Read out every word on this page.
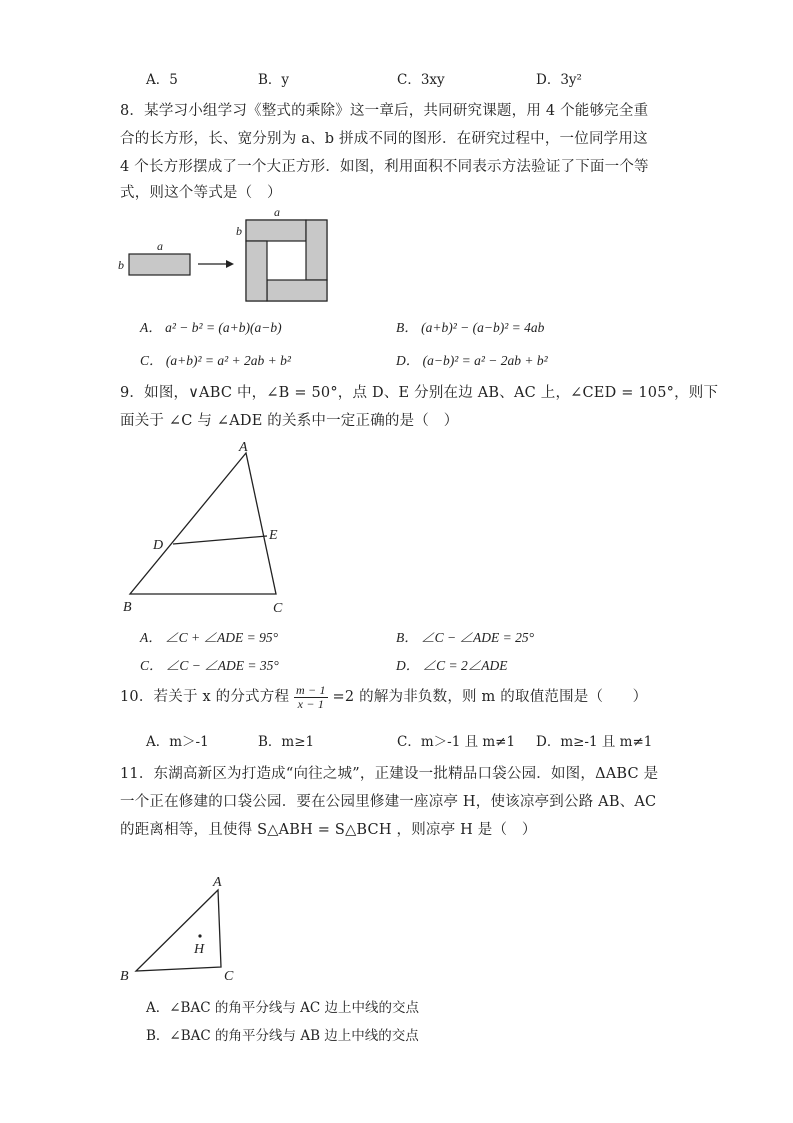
A．5	B．y	C．3xy	D．3y²
8．某学习小组学习《整式的乘除》这一章后，共同研究课题，用 4 个能够完全重
合的长方形，长、宽分别为 a、b 拼成不同的图形．在研究过程中，一位同学用这
4 个长方形摆成了一个大正方形．如图，利用面积不同表示方法验证了下面一个等
式，则这个等式是（　）
a
b
a
b
A． a² − b² = (a+b)(a−b)	B． (a+b)² − (a−b)² = 4ab
C． (a+b)² = a² + 2ab + b²	D． (a−b)² = a² − 2ab + b²
9．如图，∨ABC 中，∠B = 50°，点 D、E 分别在边 AB、AC 上，∠CED = 105°，则下
面关于 ∠C 与 ∠ADE 的关系中一定正确的是（　）
A
B	C
D
E
A． ∠C + ∠ADE = 95°	B． ∠C − ∠ADE = 25°
C． ∠C − ∠ADE = 35°	D． ∠C = 2∠ADE
10．若关于 x 的分式方程 $\frac{m - 1}{x - 1} =2$ 的解为非负数，则 m 的取值范围是（　　）
A．m＞-1	B．m≥1	C．m＞-1 且 m≠1 D．m≥-1 且 m≠1
11．东湖高新区为打造成“向往之城”，正建设一批精品口袋公园．如图，ΔABC 是
一个正在修建的口袋公园．要在公园里修建一座凉亭 H，使该凉亭到公路 AB、AC
的距离相等，且使得 S△ABH = S△BCH ，则凉亭 H 是（　）
A
B	C
H
A．∠BAC 的角平分线与 AC 边上中线的交点
B．∠BAC 的角平分线与 AB 边上中线的交点
